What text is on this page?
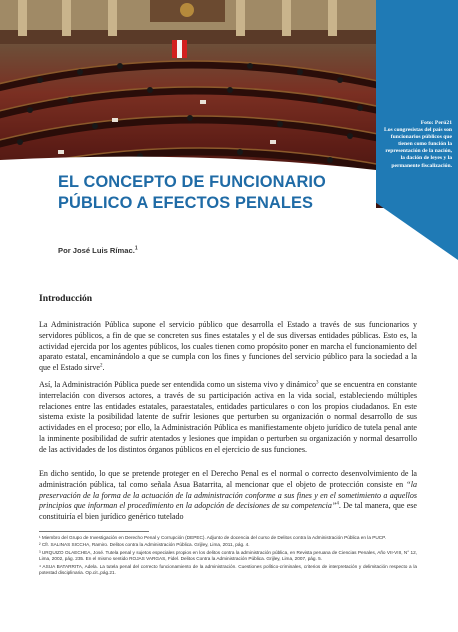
Foto: Perú21
Los congresistas del país son funcionarios públicos que tienen como función la representación de la nación, la dación de leyes y la permanente fiscalización.
EL CONCEPTO DE FUNCIONARIO
PÚBLICO A EFECTOS PENALES

Por José Luis Rímac.$^1$

Introducción

La Administración Pública supone el servicio público que desarrolla el Estado a través de sus funcionarios y servidores públicos, a fin de que se concreten sus fines estatales y el de sus diversas entidades públicas. Esto es, la actividad ejercida por los agentes públicos, los cuales tienen como propósito poner en marcha el funcionamiento del aparato estatal, encaminándolo a que se cumpla con los fines y funciones del servicio público para la sociedad a la que el Estado sirve$^2$.

Así, la Administración Pública puede ser entendida como un sistema vivo y dinámico$^3$ que se encuentra en constante interrelación con diversos actores, a través de su participación activa en la vida social, estableciendo múltiples relaciones entre las entidades estatales, paraestatales, entidades particulares o con los propios ciudadanos. En este sistema existe la posibilidad latente de sufrir lesiones que perturben su organización o normal desarrollo de sus actividades en el proceso; por ello, la Administración Pública es manifiestamente objeto jurídico de tutela penal ante la inminente posibilidad de sufrir atentados y lesiones que impidan o perturben su organización y normal desarrollo de las actividades de los distintos órganos públicos en el ejercicio de sus funciones.

En dicho sentido, lo que se pretende proteger en el Derecho Penal es el normal o correcto desenvolvimiento de la administración pública, tal como señala Asua Batarrita, al mencionar que el objeto de protección consiste en “la preservación de la forma de la actuación de la administración conforme a sus fines y en el sometimiento a aquellos principios que informan el procedimiento en la adopción de decisiones de su competencia”$^4$. De tal manera, que ese constituiría el bien jurídico genérico tutelado

¹ Miembro del Grupo de Investigación en Derecho Penal y Corrupción (DEPEC). Adjunto de docencia del curso de Delitos contra la Administración Pública en la PUCP.

² Cfr. SALINAS SICCHA, Ramiro. Delitos contra la Administración Pública. Grijley, Lima, 2011, pág. 4.

³ URQUIZO OLAECHEA, José. Tutela penal y sujetos especiales propios en los delitos contra la administración pública, en Revista peruana de Ciencias Penales, Año VII-VIII, N° 12, Lima, 2002, pág. 235. En el mismo sentido ROJAS VARGAS, Fidel. Delitos Contra la Administración Pública. Grijley, Lima, 2007, pág. 5.

⁴ ASUA BATARRITA, Adela. La tutela penal del correcto funcionamiento de la administración. Cuestiones político-criminales, criterios de interpretación y delimitación respecto a la potestad disciplinaria. Op.cit.,pág.21.
